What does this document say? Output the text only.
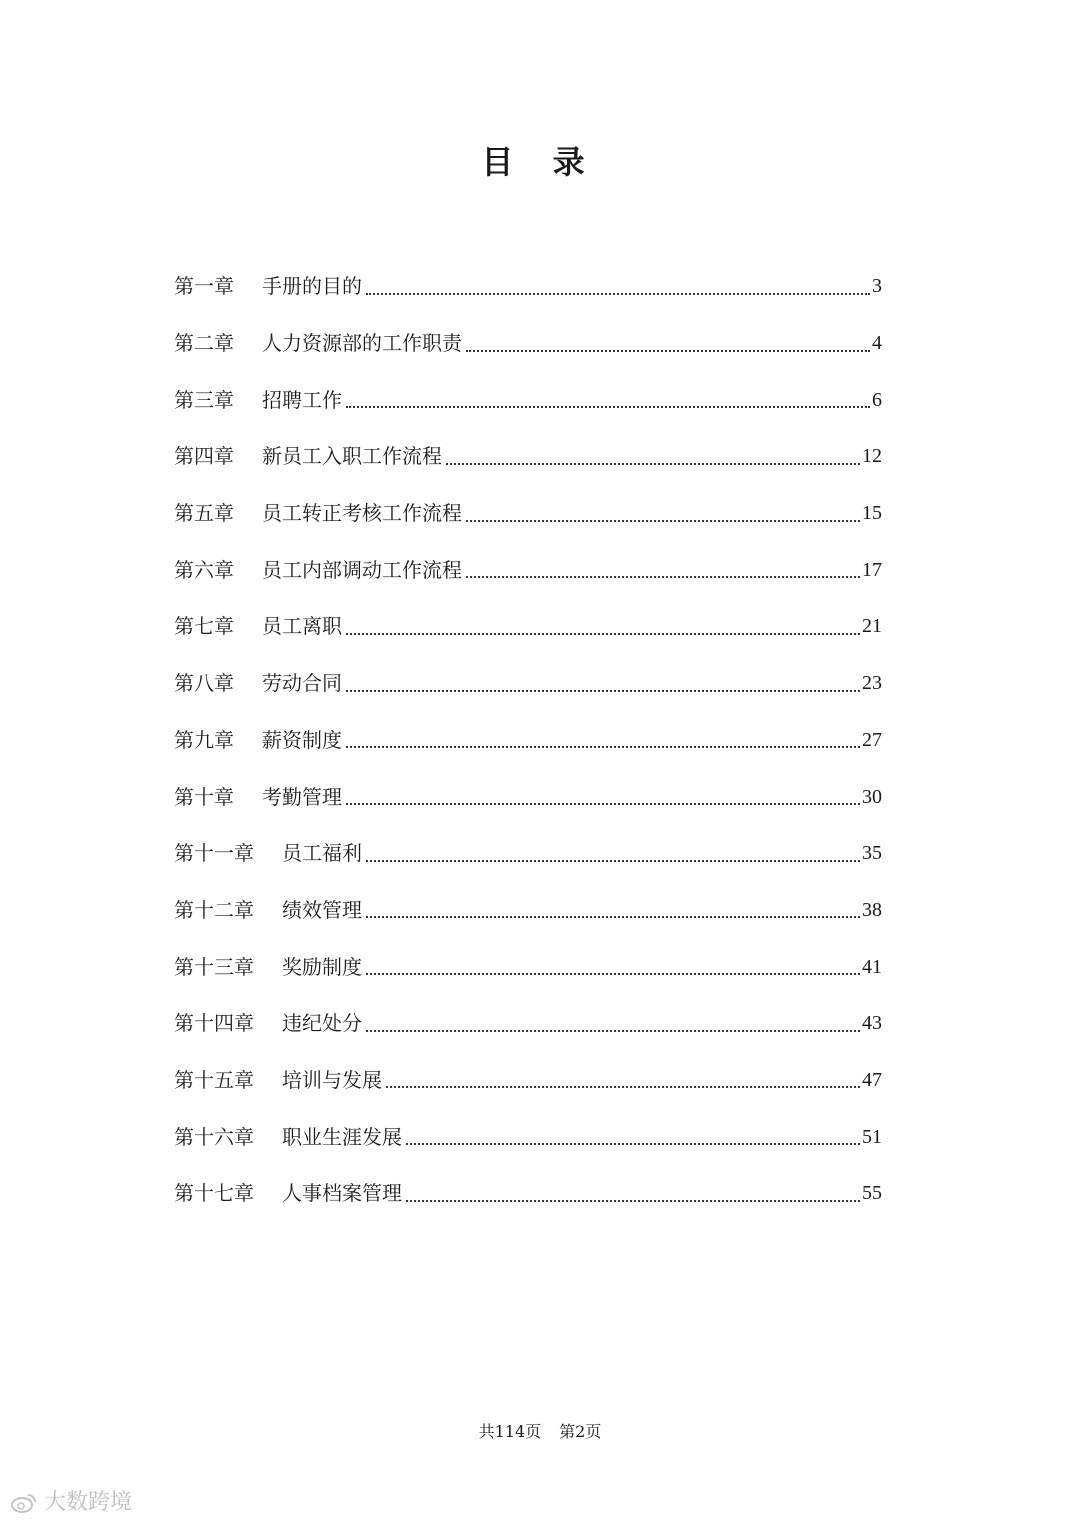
目 录
第一章	手册的目的	3
第二章	人力资源部的工作职责	4
第三章	招聘工作	6
第四章	新员工入职工作流程	12
第五章	员工转正考核工作流程	15
第六章	员工内部调动工作流程	17
第七章	员工离职	21
第八章	劳动合同	23
第九章	薪资制度	27
第十章	考勤管理	30
第十一章	员工福利	35
第十二章	绩效管理	38
第十三章	奖励制度	41
第十四章	违纪处分	43
第十五章	培训与发展	47
第十六章	职业生涯发展	51
第十七章	人事档案管理	55
共114页 第2页
大数跨境
